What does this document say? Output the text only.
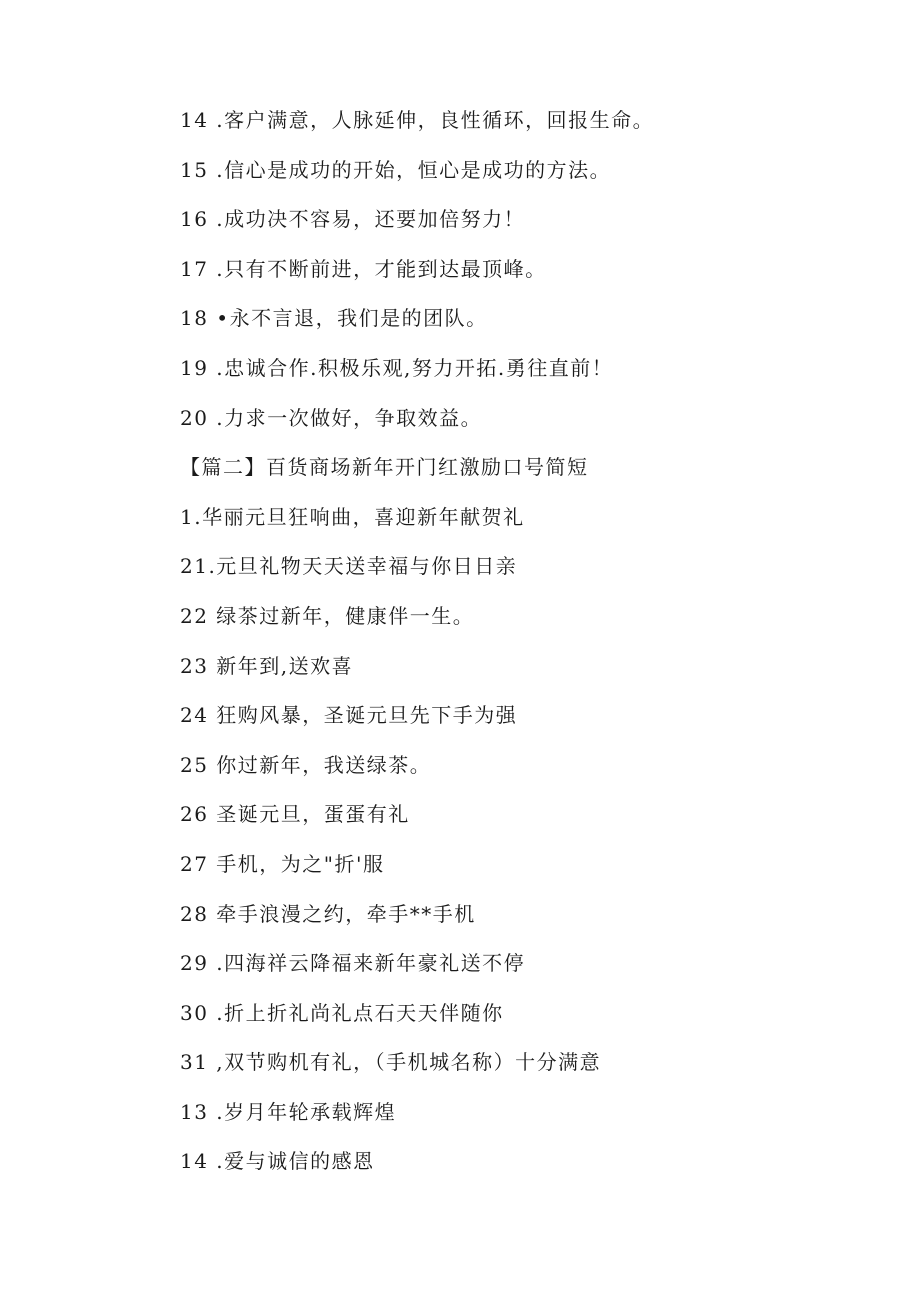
14 .客户满意，人脉延伸，良性循环，回报生命。
15 .信心是成功的开始，恒心是成功的方法。
16 .成功决不容易，还要加倍努力！
17 .只有不断前进，才能到达最顶峰。
18 •永不言退，我们是的团队。
19 .忠诚合作.积极乐观,努力开拓.勇往直前！
20 .力求一次做好，争取效益。
【篇二】百货商场新年开门红激励口号简短
1.华丽元旦狂响曲，喜迎新年献贺礼
21.元旦礼物天天送幸福与你日日亲
22 绿茶过新年，健康伴一生。
23 新年到,送欢喜
24 狂购风暴，圣诞元旦先下手为强
25 你过新年，我送绿茶。
26 圣诞元旦，蛋蛋有礼
27 手机，为之"折'服
28 牵手浪漫之约，牵手**手机
29 .四海祥云降福来新年豪礼送不停
30 .折上折礼尚礼点石天天伴随你
31 ,双节购机有礼，（手机城名称）十分满意
13 .岁月年轮承载辉煌
14 .爱与诚信的感恩
